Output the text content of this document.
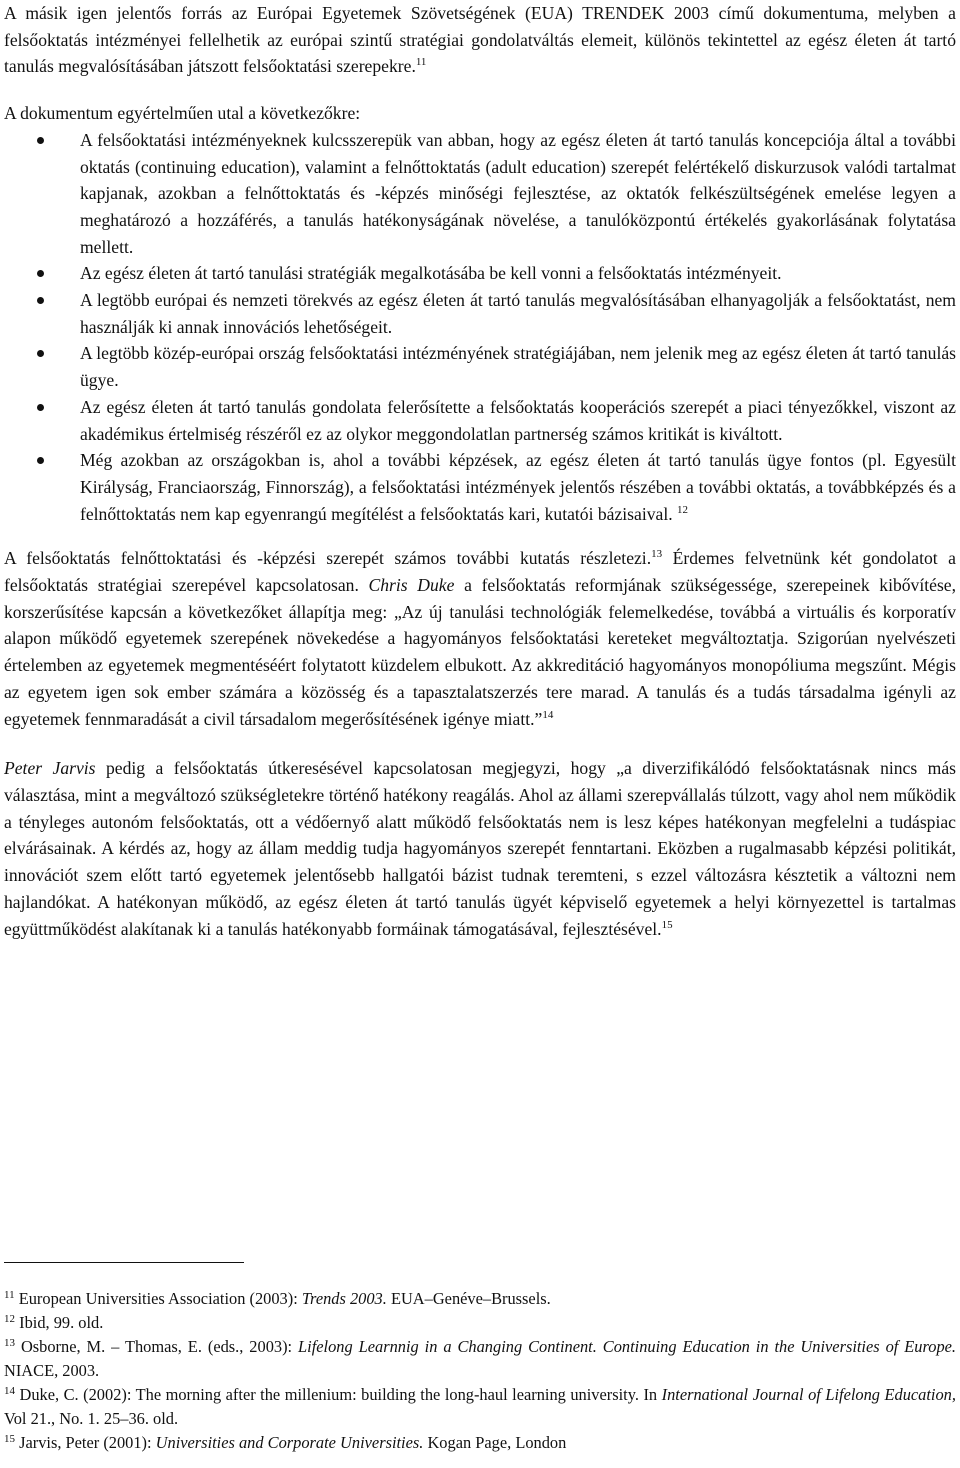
A másik igen jelentős forrás az Európai Egyetemek Szövetségének (EUA) TRENDEK 2003 című dokumentuma, melyben a felsőoktatás intézményei fellelhetik az európai szintű stratégiai gondolatváltás elemeit, különös tekintettel az egész életen át tartó tanulás megvalósításában játszott felsőoktatási szerepekre.$^{11}$

A dokumentum egyértelműen utal a következőkre:

A felsőoktatási intézményeknek kulcsszerepük van abban, hogy az egész életen át tartó tanulás koncepciója által a további oktatás (continuing education), valamint a felnőttoktatás (adult education) szerepét felértékelő diskurzusok valódi tartalmat kapjanak, azokban a felnőttoktatás és -képzés minőségi fejlesztése, az oktatók felkészültségének emelése legyen a meghatározó a hozzáférés, a tanulás hatékonyságának növelése, a tanulóközpontú értékelés gyakorlásának folytatása mellett.
Az egész életen át tartó tanulási stratégiák megalkotásába be kell vonni a felsőoktatás intézményeit.
A legtöbb európai és nemzeti törekvés az egész életen át tartó tanulás megvalósításában elhanyagolják a felsőoktatást, nem használják ki annak innovációs lehetőségeit.
A legtöbb közép-európai ország felsőoktatási intézményének stratégiájában, nem jelenik meg az egész életen át tartó tanulás ügye.
Az egész életen át tartó tanulás gondolata felerősítette a felsőoktatás kooperációs szerepét a piaci tényezőkkel, viszont az akadémikus értelmiség részéről ez az olykor meggondolatlan partnerség számos kritikát is kiváltott.
Még azokban az országokban is, ahol a további képzések, az egész életen át tartó tanulás ügye fontos (pl. Egyesült Királyság, Franciaország, Finnország), a felsőoktatási intézmények jelentős részében a további oktatás, a továbbképzés és a felnőttoktatás nem kap egyenrangú megítélést a felsőoktatás kari, kutatói bázisaival. $^{12}$

A felsőoktatás felnőttoktatási és -képzési szerepét számos további kutatás részletezi.$^{13}$ Érdemes felvetnünk két gondolatot a felsőoktatás stratégiai szerepével kapcsolatosan. Chris Duke a felsőoktatás reformjának szükségessége, szerepeinek kibővítése, korszerűsítése kapcsán a következőket állapítja meg: „Az új tanulási technológiák felemelkedése, továbbá a virtuális és korporatív alapon működő egyetemek szerepének növekedése a hagyományos felsőoktatási kereteket megváltoztatja. Szigorúan nyelvészeti értelemben az egyetemek megmentéséért folytatott küzdelem elbukott. Az akkreditáció hagyományos monopóliuma megszűnt. Mégis az egyetem igen sok ember számára a közösség és a tapasztalatszerzés tere marad. A tanulás és a tudás társadalma igényli az egyetemek fennmaradását a civil társadalom megerősítésének igénye miatt.”$^{14}$

Peter Jarvis pedig a felsőoktatás útkeresésével kapcsolatosan megjegyzi, hogy „a diverzifikálódó felsőoktatásnak nincs más választása, mint a megváltozó szükségletekre történő hatékony reagálás. Ahol az állami szerepvállalás túlzott, vagy ahol nem működik a tényleges autonóm felsőoktatás, ott a védőernyő alatt működő felsőoktatás nem is lesz képes hatékonyan megfelelni a tudáspiac elvárásainak. A kérdés az, hogy az állam meddig tudja hagyományos szerepét fenntartani. Eközben a rugalmasabb képzési politikát, innovációt szem előtt tartó egyetemek jelentősebb hallgatói bázist tudnak teremteni, s ezzel változásra késztetik a változni nem hajlandókat. A hatékonyan működő, az egész életen át tartó tanulás ügyét képviselő egyetemek a helyi környezettel is tartalmas együttműködést alakítanak ki a tanulás hatékonyabb formáinak támogatásával, fejlesztésével.$^{15}$

$^{11}$ European Universities Association (2003): Trends 2003. EUA–Genéve–Brussels.

$^{12}$ Ibid, 99. old.

$^{13}$ Osborne, M. – Thomas, E. (eds., 2003): Lifelong Learnnig in a Changing Continent. Continuing Education in the Universities of Europe. NIACE, 2003.

$^{14}$ Duke, C. (2002): The morning after the millenium: building the long-haul learning university. In International Journal of Lifelong Education, Vol 21., No. 1. 25–36. old.

$^{15}$ Jarvis, Peter (2001): Universities and Corporate Universities. Kogan Page, London
